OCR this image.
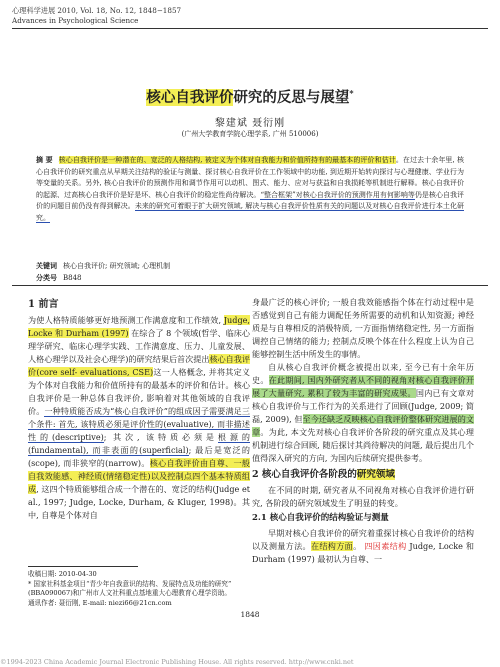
心理科学进展 2010, Vol. 18, No. 12, 1848−1857
Advances in Psychological Science
核心自我评价研究的反思与展望*
黎建斌 聂衍刚
(广州大学教育学院心理学系, 广州 510006)
摘 要 核心自我评价是一种潜在的、宽泛的人格结构, 被定义为个体对自我能力和价值所持有的最基本的评价和估计。在过去十余年里, 核心自我评价的研究重点从早期关注结构的验证与测量、探讨核心自我评价在工作领域中的功能, 到近期开始转向探讨与心理健康、学业行为等变量的关系。另外, 核心自我评价的预测作用和调节作用可以动机、图式、能力、应对与获益和自我损耗等机制进行解释。核心自我评价的起源、过高核心自我评价是好是坏、核心自我评价的稳定性尚待解决。“整合框架”对核心自我评价的预测作用有何影响等仍是核心自我评价的问题目前仍没有得到解决。未来的研究可着眼于扩大研究领域, 解决与核心自我评价性质有关的问题以及对核心自我评价进行本土化研究。
关键词 核心自我评价; 研究领域; 心理机制
分类号 B848
1 前言

为使人格特质能够更好地预测工作满意度和工作绩效, Judge, Locke 和 Durham (1997) 在综合了 8 个领域(哲学、临床心理学研究、临床心理学实践、工作满意度、压力、儿童发展、人格心理学以及社会心理学)的研究结果后首次提出核心自我评价(core self- evaluations, CSE)这一人格概念, 并将其定义为个体对自我能力和价值所持有的最基本的评价和估计。核心自我评价是一种总体自我评价, 影响着对其他领域的自我评价。一种特质能否成为“核心自我评价”的组成因子需要满足三个条件: 首先, 该特质必须是评价性的(evaluative), 而非描述性的(descriptive); 其次, 该特质必须是根源的(fundamental), 而非表面的(superficial); 最后是宽泛的(scope), 而非狭窄的(narrow)。核心自我评价由自尊、一般自我效能感、神经质(情绪稳定性)以及控制点四个基本特质组成, 这四个特质能够组合成一个潜在的、宽泛的结构(Judge et al., 1997; Judge, Locke, Durham, & Kluger, 1998)。其中, 自尊是个体对自

身最广泛的核心评价; 一般自我效能感指个体在行动过程中是否感觉到自己有能力调配任务所需要的动机和认知资源; 神经质是与自尊相反的消极特质, 一方面指情绪稳定性, 另一方面指调控自己情绪的能力; 控制点反映个体在什么程度上认为自己能够控制生活中所发生的事情。

自从核心自我评价概念被提出以来, 至今已有十余年历史。在此期间, 国内外研究者从不同的视角对核心自我评价开展了大量研究, 累积了较为丰富的研究成果。国内已有文章对核心自我评价与工作行为的关系进行了回顾(Judge, 2009; 简磊, 2009), 但至今还缺乏反映核心自我评价整体研究进展的文章。为此, 本文先对核心自我评价各阶段的研究重点及其心理机制进行综合回顾, 随后探讨其尚待解决的问题, 最后提出几个值得深入研究的方向, 为国内后续研究提供参考。

2 核心自我评价各阶段的研究领域

在不同的时期, 研究者从不同视角对核心自我评价进行研究, 各阶段的研究领域发生了明显的转变。

2.1 核心自我评价的结构验证与测量

早期对核心自我评价的研究着重探讨核心自我评价的结构以及测量方法。在结构方面。 四因素结构 Judge, Locke 和 Durham (1997) 最初认为自尊、一

收稿日期: 2010-04-30
* 国家社科基金项目“青少年自我意识的结构、发展特点及功能的研究” (BBA090067)和广州市人文社科重点基地重大心理教育心理学资助。
通讯作者: 聂衍刚, E-mail: niezi66@21cn.com
1848
©1994-2023 China Academic Journal Electronic Publishing House. All rights reserved. http://www.cnki.net
